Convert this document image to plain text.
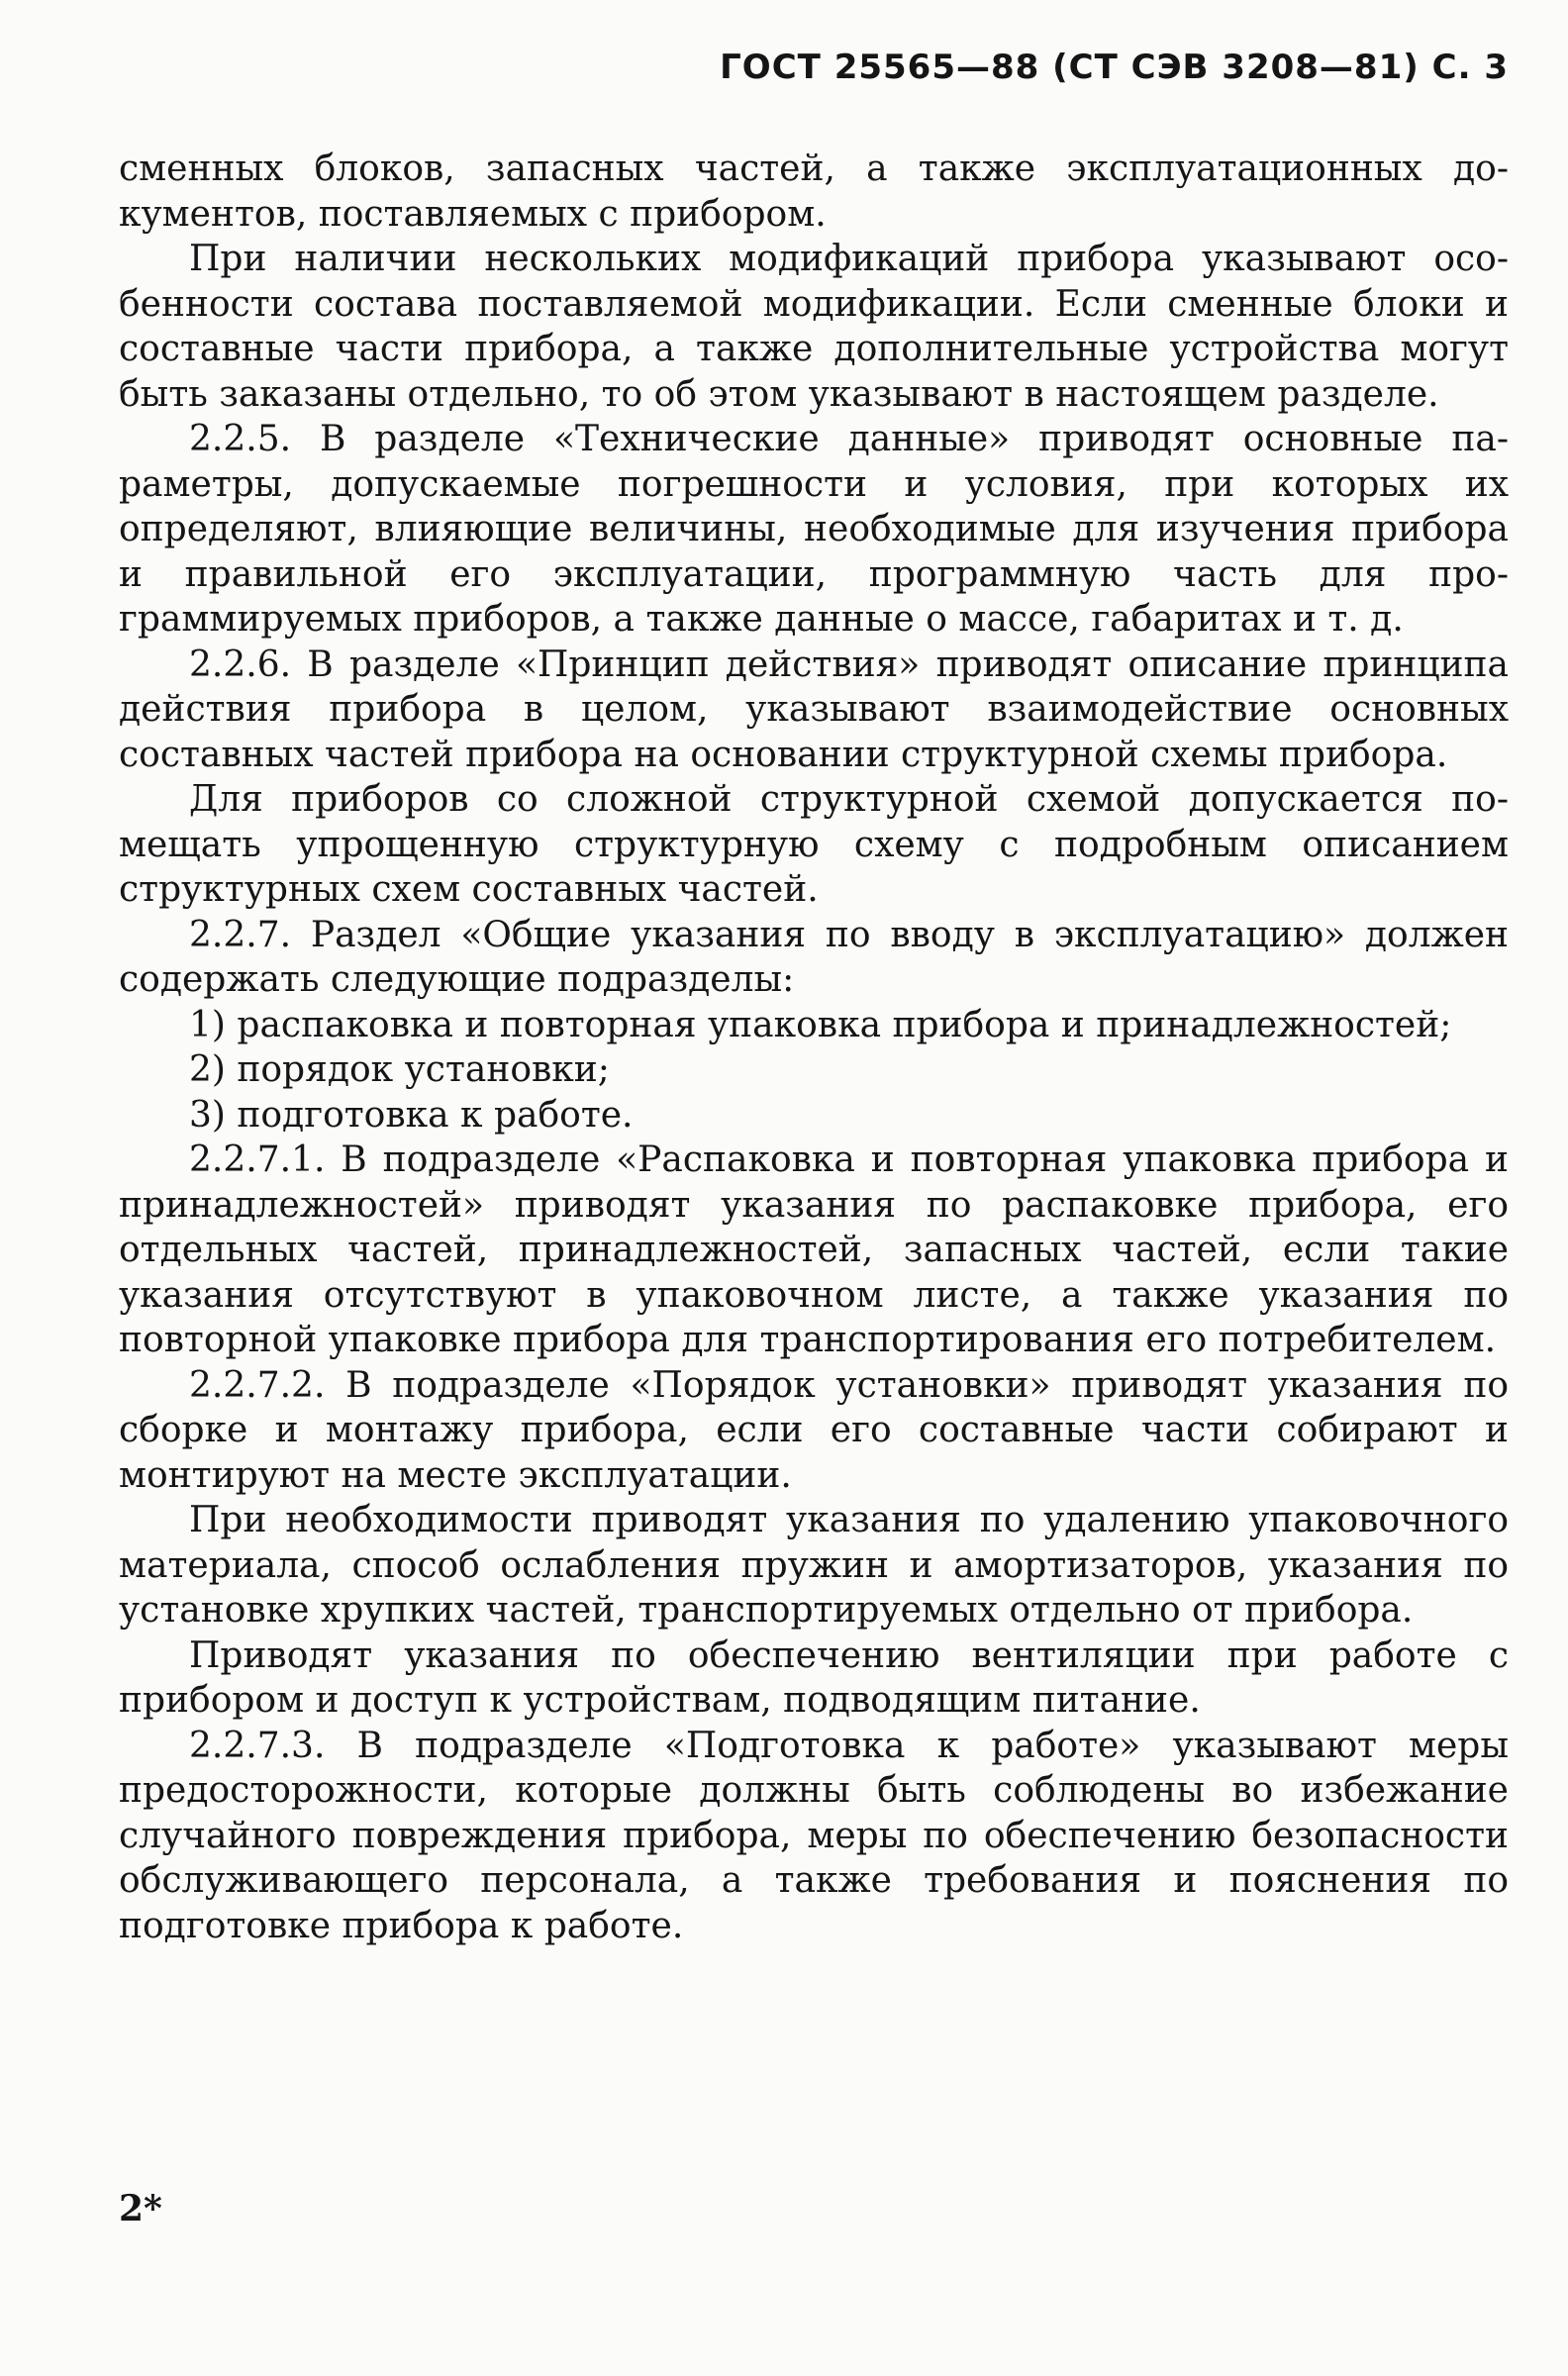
ГОСТ 25565—88 (СТ СЭВ 3208—81) С. 3

сменных блоков, запасных частей, а также эксплуатационных документов, поставляемых с прибором.

При наличии нескольких модификаций прибора указывают особенности состава поставляемой модификации. Если сменные блоки и составные части прибора, а также дополнительные устройства могут быть заказаны отдельно, то об этом указывают в настоящем разделе.

2.2.5. В разделе «Технические данные» приводят основные параметры, допускаемые погрешности и условия, при которых их определяют, влияющие величины, необходимые для изучения прибора и правильной его эксплуатации, программную часть для программируемых приборов, а также данные о массе, габаритах и т. д.

2.2.6. В разделе «Принцип действия» приводят описание принципа действия прибора в целом, указывают взаимодействие основных составных частей прибора на основании структурной схемы прибора.

Для приборов со сложной структурной схемой допускается помещать упрощенную структурную схему с подробным описанием структурных схем составных частей.

2.2.7. Раздел «Общие указания по вводу в эксплуатацию» должен содержать следующие подразделы:

1) распаковка и повторная упаковка прибора и принадлежностей;
2) порядок установки;
3) подготовка к работе.

2.2.7.1. В подразделе «Распаковка и повторная упаковка прибора и принадлежностей» приводят указания по распаковке прибора, его отдельных частей, принадлежностей, запасных частей, если такие указания отсутствуют в упаковочном листе, а также указания по повторной упаковке прибора для транспортирования его потребителем.

2.2.7.2. В подразделе «Порядок установки» приводят указания по сборке и монтажу прибора, если его составные части собирают и монтируют на месте эксплуатации.

При необходимости приводят указания по удалению упаковочного материала, способ ослабления пружин и амортизаторов, указания по установке хрупких частей, транспортируемых отдельно от прибора.

Приводят указания по обеспечению вентиляции при работе с прибором и доступ к устройствам, подводящим питание.

2.2.7.3. В подразделе «Подготовка к работе» указывают меры предосторожности, которые должны быть соблюдены во избежание случайного повреждения прибора, меры по обеспечению безопасности обслуживающего персонала, а также требования и пояснения по подготовке прибора к работе.

2*
